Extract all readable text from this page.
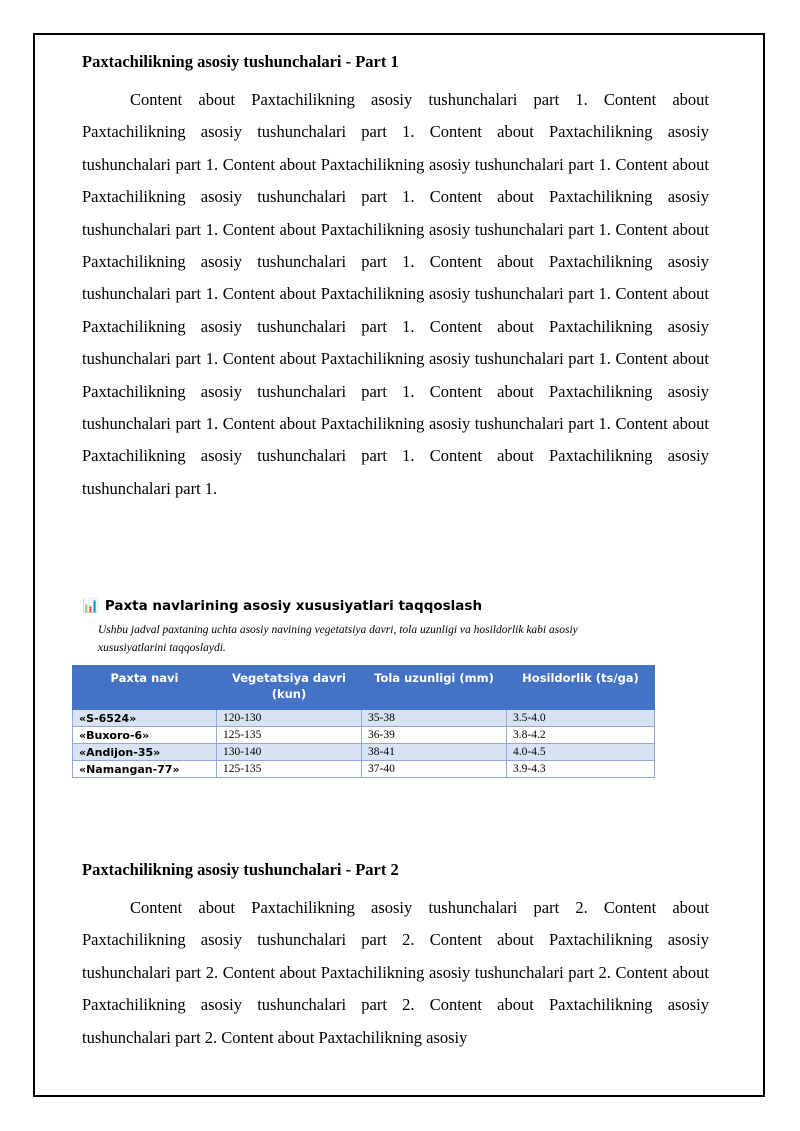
Paxtachilikning asosiy tushunchalari - Part 1

Content about Paxtachilikning asosiy tushunchalari part 1. Content about Paxtachilikning asosiy tushunchalari part 1. Content about Paxtachilikning asosiy tushunchalari part 1. Content about Paxtachilikning asosiy tushunchalari part 1. Content about Paxtachilikning asosiy tushunchalari part 1. Content about Paxtachilikning asosiy tushunchalari part 1. Content about Paxtachilikning asosiy tushunchalari part 1. Content about Paxtachilikning asosiy tushunchalari part 1. Content about Paxtachilikning asosiy tushunchalari part 1. Content about Paxtachilikning asosiy tushunchalari part 1. Content about Paxtachilikning asosiy tushunchalari part 1. Content about Paxtachilikning asosiy tushunchalari part 1. Content about Paxtachilikning asosiy tushunchalari part 1. Content about Paxtachilikning asosiy tushunchalari part 1. Content about Paxtachilikning asosiy tushunchalari part 1. Content about Paxtachilikning asosiy tushunchalari part 1. Content about Paxtachilikning asosiy tushunchalari part 1. Content about Paxtachilikning asosiy tushunchalari part 1.

📊 Paxta navlarining asosiy xususiyatlari taqqoslash

Ushbu jadval paxtaning uchta asosiy navining vegetatsiya davri, tola uzunligi va hosildorlik kabi asosiy xususiyatlarini taqqoslaydi.

Paxta navi	Vegetatsiya davri (kun)	Tola uzunligi (mm)	Hosildorlik (ts/ga)
«S-6524»	120-130	35-38	3.5-4.0
«Buxoro-6»	125-135	36-39	3.8-4.2
«Andijon-35»	130-140	38-41	4.0-4.5
«Namangan-77»	125-135	37-40	3.9-4.3
Paxtachilikning asosiy tushunchalari - Part 2

Content about Paxtachilikning asosiy tushunchalari part 2. Content about Paxtachilikning asosiy tushunchalari part 2. Content about Paxtachilikning asosiy tushunchalari part 2. Content about Paxtachilikning asosiy tushunchalari part 2. Content about Paxtachilikning asosiy tushunchalari part 2. Content about Paxtachilikning asosiy tushunchalari part 2. Content about Paxtachilikning asosiy
